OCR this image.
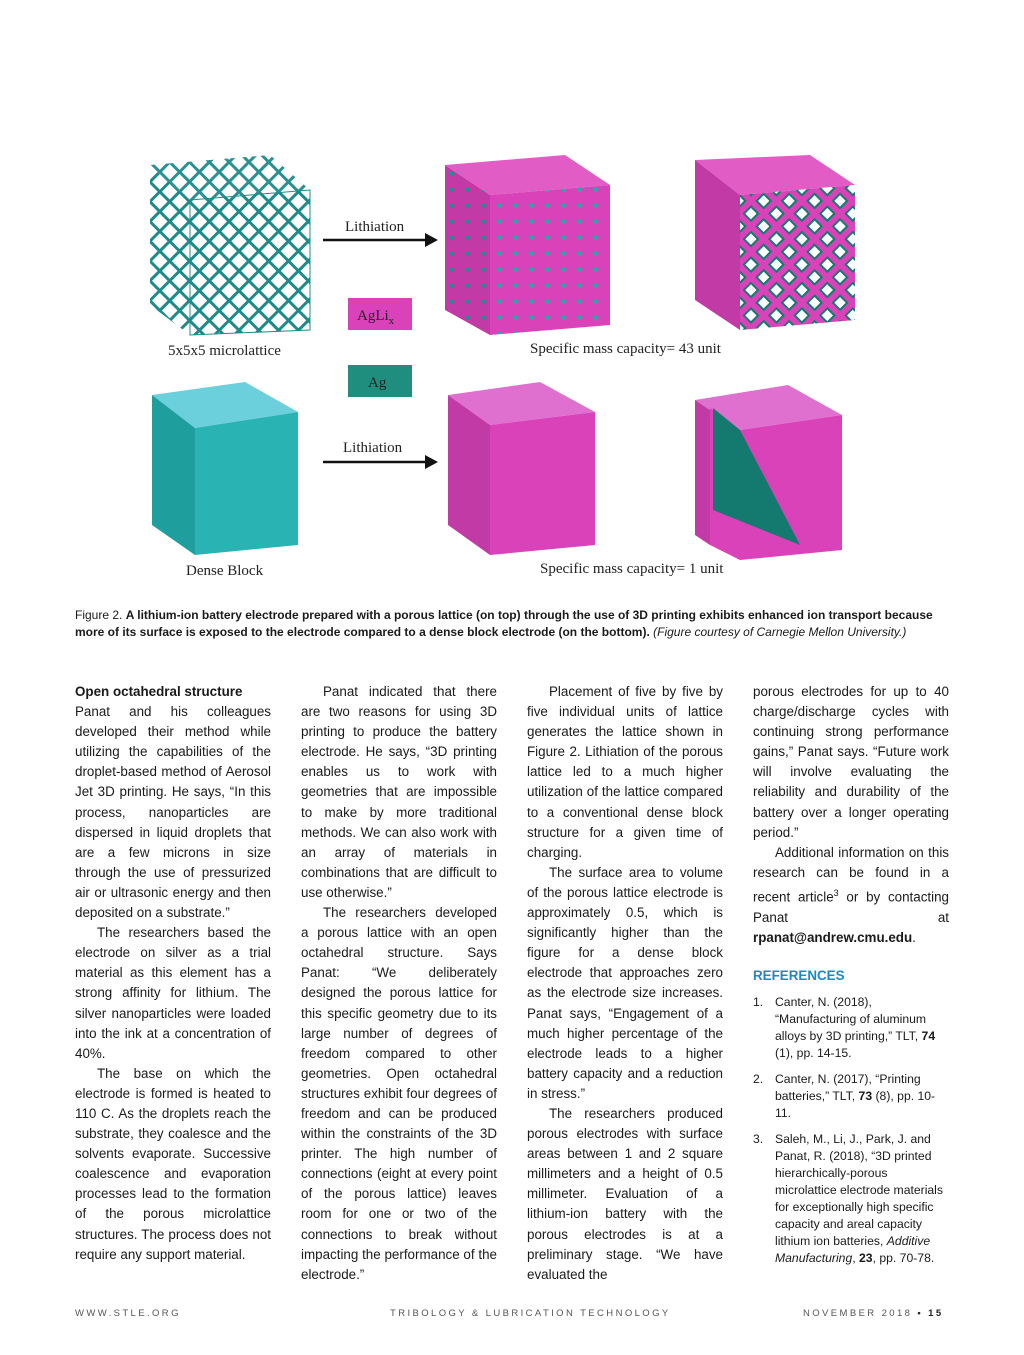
5x5x5 microlattice
Lithiation
AgLi$_x$
Ag
Specific mass capacity= 43 unit
Dense Block
Lithiation
Specific mass capacity= 1 unit
Figure 2. A lithium-ion battery electrode prepared with a porous lattice (on top) through the use of 3D printing exhibits enhanced ion transport because more of its surface is exposed to the electrode compared to a dense block electrode (on the bottom). (Figure courtesy of Carnegie Mellon University.)

Open octahedral structure

Panat and his colleagues developed their method while utilizing the capabilities of the droplet-based method of Aerosol Jet 3D printing. He says, “In this process, nanoparticles are dispersed in liquid droplets that are a few microns in size through the use of pressurized air or ultrasonic energy and then deposited on a substrate.”

The researchers based the electrode on silver as a trial material as this element has a strong affinity for lithium. The silver nanoparticles were loaded into the ink at a concentration of 40%.

The base on which the electrode is formed is heated to 110 C. As the droplets reach the substrate, they coalesce and the solvents evaporate. Successive coalescence and evaporation processes lead to the formation of the porous microlattice structures. The process does not require any support material.

Panat indicated that there are two reasons for using 3D printing to produce the battery electrode. He says, “3D printing enables us to work with geometries that are impossible to make by more traditional methods. We can also work with an array of materials in combinations that are difficult to use otherwise.”

The researchers developed a porous lattice with an open octahedral structure. Says Panat: “We deliberately designed the porous lattice for this specific geometry due to its large number of degrees of freedom compared to other geometries. Open octahedral structures exhibit four degrees of freedom and can be produced within the constraints of the 3D printer. The high number of connections (eight at every point of the porous lattice) leaves room for one or two of the connections to break without impacting the performance of the electrode.”

Placement of five by five by five individual units of lattice generates the lattice shown in Figure 2. Lithiation of the porous lattice led to a much higher utilization of the lattice compared to a conventional dense block structure for a given time of charging.

The surface area to volume of the porous lattice electrode is approximately 0.5, which is significantly higher than the figure for a dense block electrode that approaches zero as the electrode size increases. Panat says, “Engagement of a much higher percentage of the electrode leads to a higher battery capacity and a reduction in stress.”

The researchers produced porous electrodes with surface areas between 1 and 2 square millimeters and a height of 0.5 millimeter. Evaluation of a lithium-ion battery with the porous electrodes is at a preliminary stage. “We have evaluated the

porous electrodes for up to 40 charge/discharge cycles with continuing strong performance gains,” Panat says. “Future work will involve evaluating the reliability and durability of the battery over a longer operating period.”

Additional information on this research can be found in a recent article$^3$ or by contacting Panat at rpanat@andrew.cmu.edu.

REFERENCES
1. Canter, N. (2018), “Manufacturing of aluminum alloys by 3D printing,” TLT, 74 (1), pp. 14-15.
2. Canter, N. (2017), “Printing batteries,” TLT, 73 (8), pp. 10-11.
3. Saleh, M., Li, J., Park, J. and Panat, R. (2018), “3D printed hierarchically-porous microlattice electrode materials for exceptionally high specific capacity and areal capacity lithium ion batteries, Additive Manufacturing, 23, pp. 70-78.
WWW.STLE.ORG	TRIBOLOGY & LUBRICATION TECHNOLOGY	NOVEMBER 2018 • 15
